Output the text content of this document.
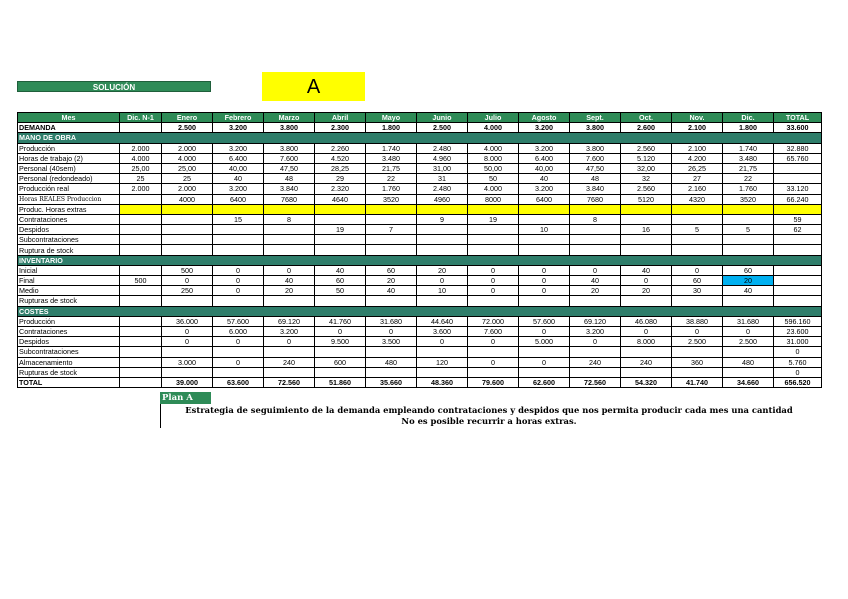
SOLUCIÓN	A
Mes	Dic. N-1	Enero	Febrero	Marzo	Abril	Mayo	Junio	Julio	Agosto	Sept.	Oct.	Nov.	Dic.	TOTAL
DEMANDA		2.500	3.200	3.800	2.300	1.800	2.500	4.000	3.200	3.800	2.600	2.100	1.800	33.600
MANO DE OBRA														
Producción	2.000	2.000	3.200	3.800	2.260	1.740	2.480	4.000	3.200	3.800	2.560	2.100	1.740	32.880
Horas de trabajo (2)	4.000	4.000	6.400	7.600	4.520	3.480	4.960	8.000	6.400	7.600	5.120	4.200	3.480	65.760
Personal (40sem)	25,00	25,00	40,00	47,50	28,25	21,75	31,00	50,00	40,00	47,50	32,00	26,25	21,75	
Personal (redondeado)	25	25	40	48	29	22	31	50	40	48	32	27	22	
Producción real	2.000	2.000	3.200	3.840	2.320	1.760	2.480	4.000	3.200	3.840	2.560	2.160	1.760	33.120
Horas REALES Produccion		4000	6400	7680	4640	3520	4960	8000	6400	7680	5120	4320	3520	66.240
Produc. Horas extras														
Contrataciones			15	8			9	19		8				59
Despidos					19	7			10		16	5	5	62
Subcontrataciones														
Ruptura de stock														
INVENTARIO														
Inicial		500	0	0	40	60	20	0	0	0	40	0	60	
Final	500	0	0	40	60	20	0	0	0	40	0	60	20	
Medio		250	0	20	50	40	10	0	0	20	20	30	40	
Rupturas de stock														
COSTES														
Producción		36.000	57.600	69.120	41.760	31.680	44.640	72.000	57.600	69.120	46.080	38.880	31.680	596.160
Contrataciones		0	6.000	3.200	0	0	3.600	7.600	0	3.200	0	0	0	23.600
Despidos		0	0	0	9.500	3.500	0	0	5.000	0	8.000	2.500	2.500	31.000
Subcontrataciones														0
Almacenamiento		3.000	0	240	600	480	120	0	0	240	240	360	480	5.760
Rupturas de stock														0
TOTAL		39.000	63.600	72.560	51.860	35.660	48.360	79.600	62.600	72.560	54.320	41.740	34.660	656.520
Plan A
Estrategia de seguimiento de la demanda empleando contrataciones y despidos que nos permita producir cada mes una cantidad
No es posible recurrir a horas extras.
